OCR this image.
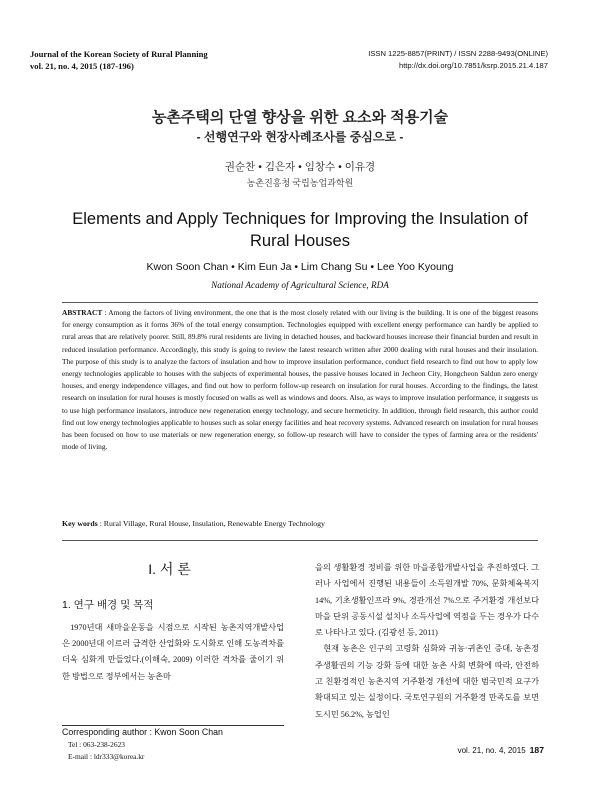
Journal of the Korean Society of Rural Planning
vol. 21, no. 4, 2015 (187-196)
ISSN 1225-8857(PRINT) / ISSN 2288-9493(ONLINE)
http://dx.doi.org/10.7851/ksrp.2015.21.4.187
농촌주택의 단열 향상을 위한 요소와 적용기술
- 선행연구와 현장사례조사를 중심으로 -
권순찬 • 김은자 • 임창수 • 이유경
농촌진흥청 국립농업과학원
Elements and Apply Techniques for Improving the Insulation of Rural Houses
Kwon Soon Chan • Kim Eun Ja • Lim Chang Su • Lee Yoo Kyoung
National Academy of Agricultural Science, RDA
ABSTRACT : Among the factors of living environment, the one that is the most closely related with our living is the building. It is one of the biggest reasons for energy consumption as it forms 36% of the total energy consumption. Technologies equipped with excellent energy performance can hardly be applied to rural areas that are relatively poorer. Still, 89.8% rural residents are living in detached houses, and backward houses increase their financial burden and result in reduced insulation performance. Accordingly, this study is going to review the latest research written after 2000 dealing with rural houses and their insulation. The purpose of this study is to analyze the factors of insulation and how to improve insulation performance, conduct field research to find out how to apply low energy technologies applicable to houses with the subjects of experimental houses, the passive houses located in Jecheon City, Hongcheon Saldun zero energy houses, and energy independence villages, and find out how to perform follow-up research on insulation for rural houses. According to the findings, the latest research on insulation for rural houses is mostly focused on walls as well as windows and doors. Also, as ways to improve insulation performance, it suggests us to use high performance insulators, introduce new regeneration energy technology, and secure hermeticity. In addition, through field research, this author could find out low energy technologies applicable to houses such as solar energy facilities and heat recovery systems. Advanced research on insulation for rural houses has been focused on how to use materials or new regeneration energy, so follow-up research will have to consider the types of farming area or the residents' mode of living.
Key words : Rural Village, Rural House, Insulation, Renewable Energy Technology
I. 서 론
1. 연구 배경 및 목적
1970년대 새마을운동을 시점으로 시작된 농촌지역개발사업은 2000년대 이르러 급격한 산업화와 도시화로 인해 도농격차를 더욱 심화게 만들었다.(이해숙, 2009) 이러한 격차를 줄이기 위한 방법으로 정부에서는 농촌마

을의 생활환경 정비를 위한 마을종합개발사업을 추진하였다. 그러나 사업에서 진행된 내용들이 소득원개발 70%, 문화체육복지 14%, 기초생활인프라 9%, 경관개선 7%으로 주거환경 개선보다 마을 단위 공동시설 설치나 소득사업에 역점을 두는 경우가 다수로 나타나고 있다. (김광선 등, 2011)

현재 농촌은 인구의 고령화 심화와 귀농·귀촌인 증대, 농촌정주생활권의 기능 강화 등에 대한 농촌 사회 변화에 따라, 안전하고 친환경적인 농촌지역 거주환경 개선에 대한 범국민적 요구가 확대되고 있는 실정이다. 국토연구원의 거주환경 만족도를 보면 도시민 56.2%, 농업인

Corresponding author : Kwon Soon Chan
Tel : 063-238-2623
E-mail : ldr333@korea.kr
vol. 21, no. 4, 2015 187
